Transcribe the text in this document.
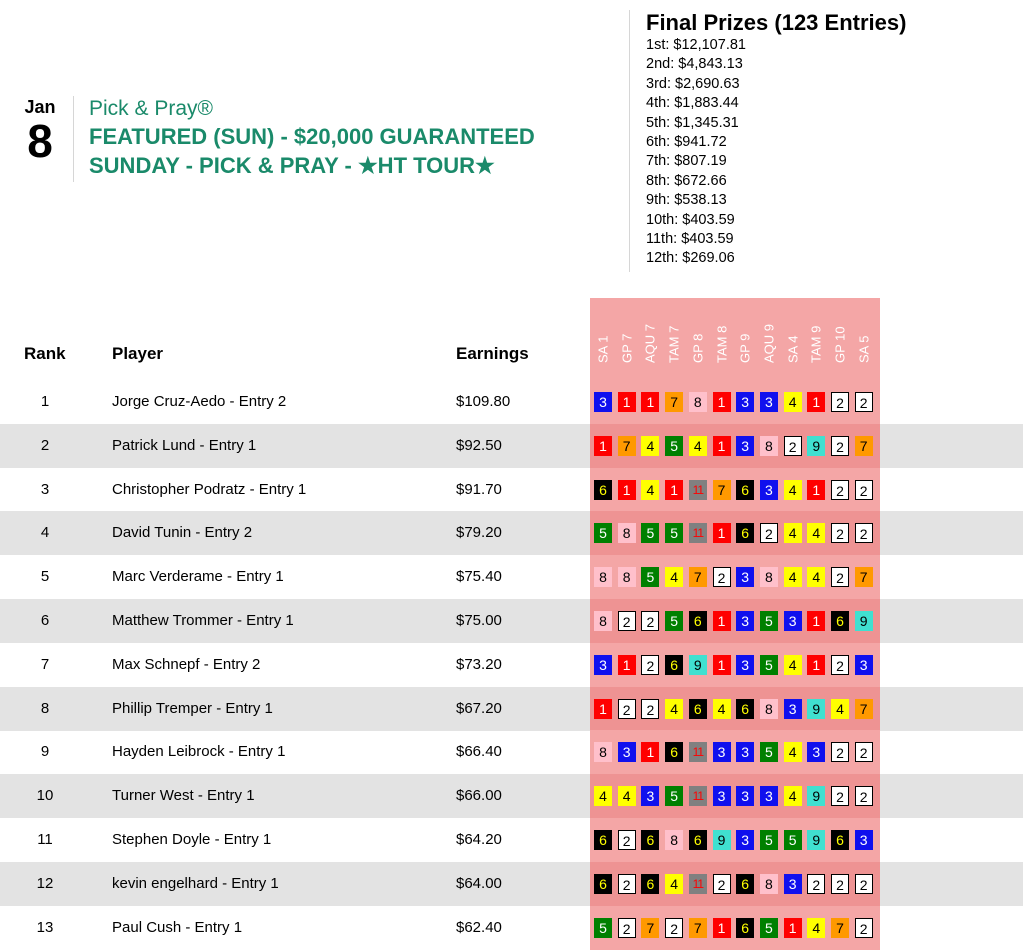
Jan
8
Pick & Pray®
FEATURED (SUN) - $20,000 GUARANTEED
SUNDAY - PICK & PRAY - ★HT TOUR★
Final Prizes (123 Entries)
1st: $12,107.81
2nd: $4,843.13
3rd: $2,690.63
4th: $1,883.44
5th: $1,345.31
6th: $941.72
7th: $807.19
8th: $672.66
9th: $538.13
10th: $403.59
11th: $403.59
12th: $269.06
Rank	Player	Earnings	SA 1 GP 7 AQU 7 TAM 7 GP 8 TAM 8 GP 9 AQU 9 SA 4 TAM 9 GP 10 SA 5
1	Jorge Cruz-Aedo - Entry 2	$109.80	3	1	1	7	8	1	3	3	4	1	2	2
2	Patrick Lund - Entry 1	$92.50	1	7	4	5	4	1	3	8	2	9	2	7
3	Christopher Podratz - Entry 1	$91.70	6	1	4	1	11	7	6	3	4	1	2	2
4	David Tunin - Entry 2	$79.20	5	8	5	5	11	1	6	2	4	4	2	2
5	Marc Verderame - Entry 1	$75.40	8	8	5	4	7	2	3	8	4	4	2	7
6	Matthew Trommer - Entry 1	$75.00	8	2	2	5	6	1	3	5	3	1	6	9
7	Max Schnepf - Entry 2	$73.20	3	1	2	6	9	1	3	5	4	1	2	3
8	Phillip Tremper - Entry 1	$67.20	1	2	2	4	6	4	6	8	3	9	4	7
9	Hayden Leibrock - Entry 1	$66.40	8	3	1	6	11	3	3	5	4	3	2	2
10	Turner West - Entry 1	$66.00	4	4	3	5	11	3	3	3	4	9	2	2
11	Stephen Doyle - Entry 1	$64.20	6	2	6	8	6	9	3	5	5	9	6	3
12	kevin engelhard - Entry 1	$64.00	6	2	6	4	11	2	6	8	3	2	2	2
13	Paul Cush - Entry 1	$62.40	5	2	7	2	7	1	6	5	1	4	7	2
